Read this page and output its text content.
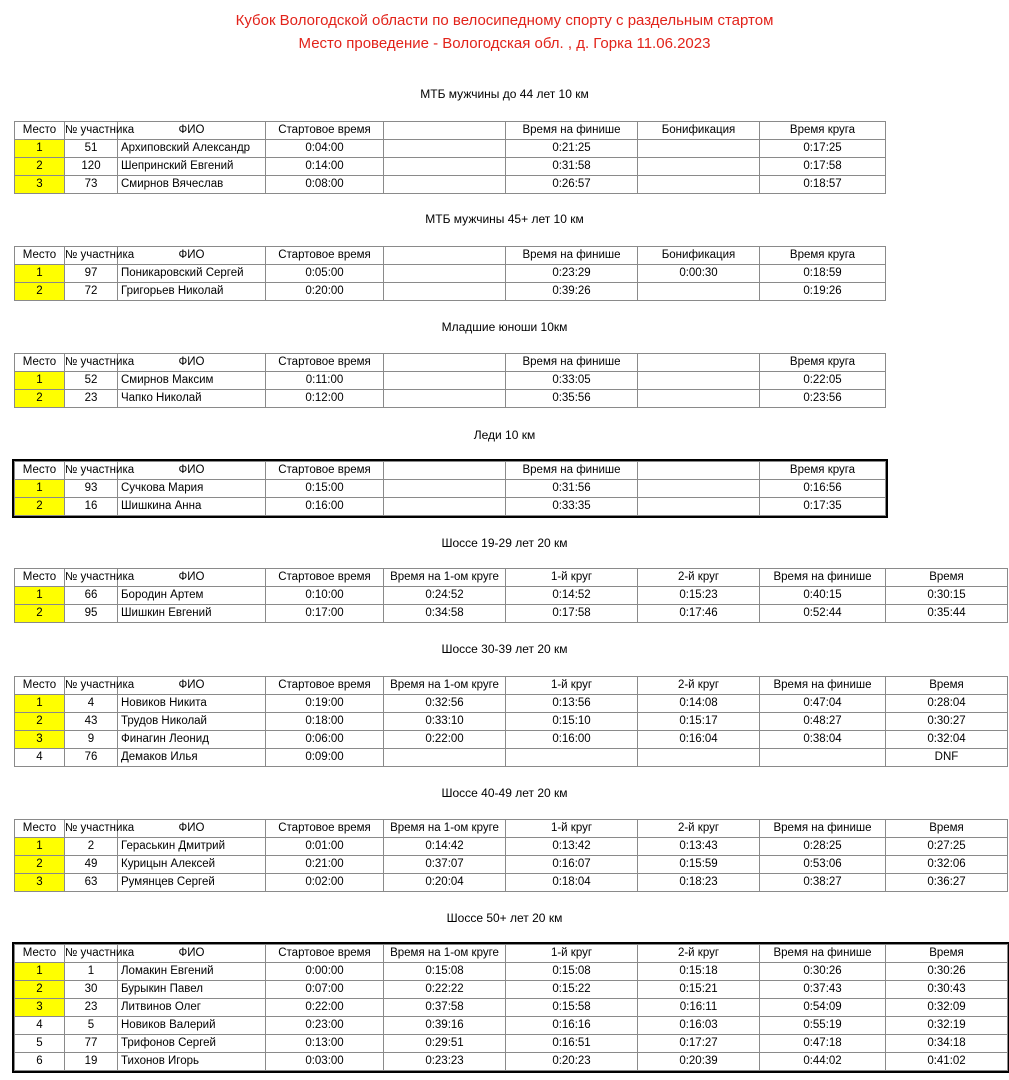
Кубок Вологодской области по велосипедному спорту с раздельным стартом
Место проведение - Вологодская обл. , д. Горка 11.06.2023
МТБ мужчины до 44 лет 10 км
Место	№ участника	ФИО	Стартовое время		Время на финише	Бонификация	Время круга
1	51	Архиповский Александр	0:04:00		0:21:25		0:17:25
2	120	Шепринский Евгений	0:14:00		0:31:58		0:17:58
3	73	Смирнов Вячеслав	0:08:00		0:26:57		0:18:57
МТБ мужчины 45+ лет 10 км
Место	№ участника	ФИО	Стартовое время		Время на финише	Бонификация	Время круга
1	97	Поникаровский Сергей	0:05:00		0:23:29	0:00:30	0:18:59
2	72	Григорьев Николай	0:20:00		0:39:26		0:19:26
Младшие юноши 10км
Место	№ участника	ФИО	Стартовое время		Время на финише		Время круга
1	52	Смирнов Максим	0:11:00		0:33:05		0:22:05
2	23	Чапко Николай	0:12:00		0:35:56		0:23:56
Леди 10 км
Место	№ участника	ФИО	Стартовое время		Время на финише		Время круга
1	93	Сучкова Мария	0:15:00		0:31:56		0:16:56
2	16	Шишкина Анна	0:16:00		0:33:35		0:17:35
Шоссе 19-29 лет 20 км
Место	№ участника	ФИО	Стартовое время	Время на 1-ом круге	1-й круг	2-й круг	Время на финише	Время
1	66	Бородин Артем	0:10:00	0:24:52	0:14:52	0:15:23	0:40:15	0:30:15
2	95	Шишкин Евгений	0:17:00	0:34:58	0:17:58	0:17:46	0:52:44	0:35:44
Шоссе 30-39 лет 20 км
Место	№ участника	ФИО	Стартовое время	Время на 1-ом круге	1-й круг	2-й круг	Время на финише	Время
1	4	Новиков Никита	0:19:00	0:32:56	0:13:56	0:14:08	0:47:04	0:28:04
2	43	Трудов Николай	0:18:00	0:33:10	0:15:10	0:15:17	0:48:27	0:30:27
3	9	Финагин Леонид	0:06:00	0:22:00	0:16:00	0:16:04	0:38:04	0:32:04
4	76	Демаков Илья	0:09:00					DNF
Шоссе 40-49 лет 20 км
Место	№ участника	ФИО	Стартовое время	Время на 1-ом круге	1-й круг	2-й круг	Время на финише	Время
1	2	Гераськин Дмитрий	0:01:00	0:14:42	0:13:42	0:13:43	0:28:25	0:27:25
2	49	Курицын Алексей	0:21:00	0:37:07	0:16:07	0:15:59	0:53:06	0:32:06
3	63	Румянцев Сергей	0:02:00	0:20:04	0:18:04	0:18:23	0:38:27	0:36:27
Шоссе 50+ лет 20 км
Место	№ участника	ФИО	Стартовое время	Время на 1-ом круге	1-й круг	2-й круг	Время на финише	Время
1	1	Ломакин Евгений	0:00:00	0:15:08	0:15:08	0:15:18	0:30:26	0:30:26
2	30	Бурыкин Павел	0:07:00	0:22:22	0:15:22	0:15:21	0:37:43	0:30:43
3	23	Литвинов Олег	0:22:00	0:37:58	0:15:58	0:16:11	0:54:09	0:32:09
4	5	Новиков Валерий	0:23:00	0:39:16	0:16:16	0:16:03	0:55:19	0:32:19
5	77	Трифонов Сергей	0:13:00	0:29:51	0:16:51	0:17:27	0:47:18	0:34:18
6	19	Тихонов Игорь	0:03:00	0:23:23	0:20:23	0:20:39	0:44:02	0:41:02
